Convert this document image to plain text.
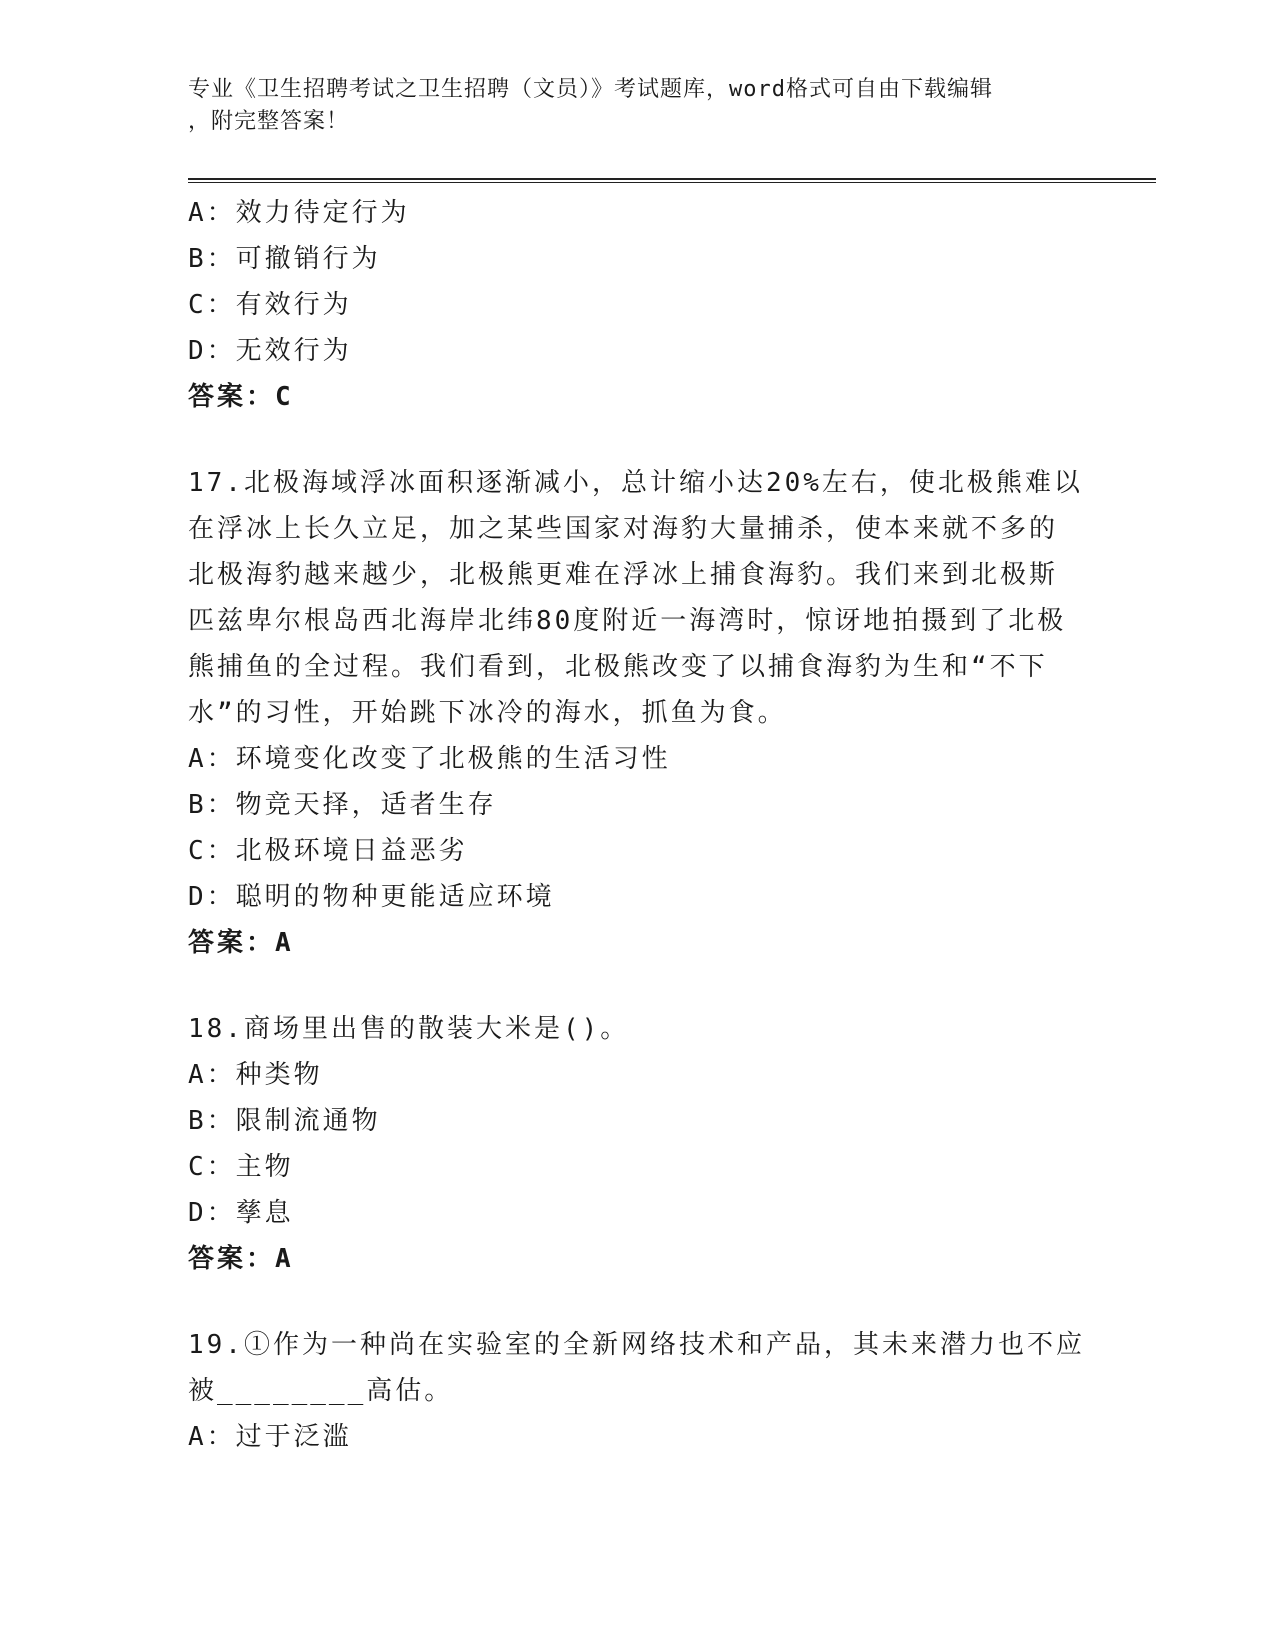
专业《卫生招聘考试之卫生招聘（文员）》考试题库，word格式可自由下载编辑
，附完整答案！
A：效力待定行为
B：可撤销行为
C：有效行为
D：无效行为
答案：C
17.北极海域浮冰面积逐渐减小，总计缩小达20%左右，使北极熊难以
在浮冰上长久立足，加之某些国家对海豹大量捕杀，使本来就不多的
北极海豹越来越少，北极熊更难在浮冰上捕食海豹。我们来到北极斯
匹兹卑尔根岛西北海岸北纬80度附近一海湾时，惊讶地拍摄到了北极
熊捕鱼的全过程。我们看到，北极熊改变了以捕食海豹为生和“不下
水”的习性，开始跳下冰冷的海水，抓鱼为食。
A：环境变化改变了北极熊的生活习性
B：物竞天择，适者生存
C：北极环境日益恶劣
D：聪明的物种更能适应环境
答案：A
18.商场里出售的散装大米是()。
A：种类物
B：限制流通物
C：主物
D：孳息
答案：A
19.①作为一种尚在实验室的全新网络技术和产品，其未来潜力也不应
被________高估。
A：过于泛滥
